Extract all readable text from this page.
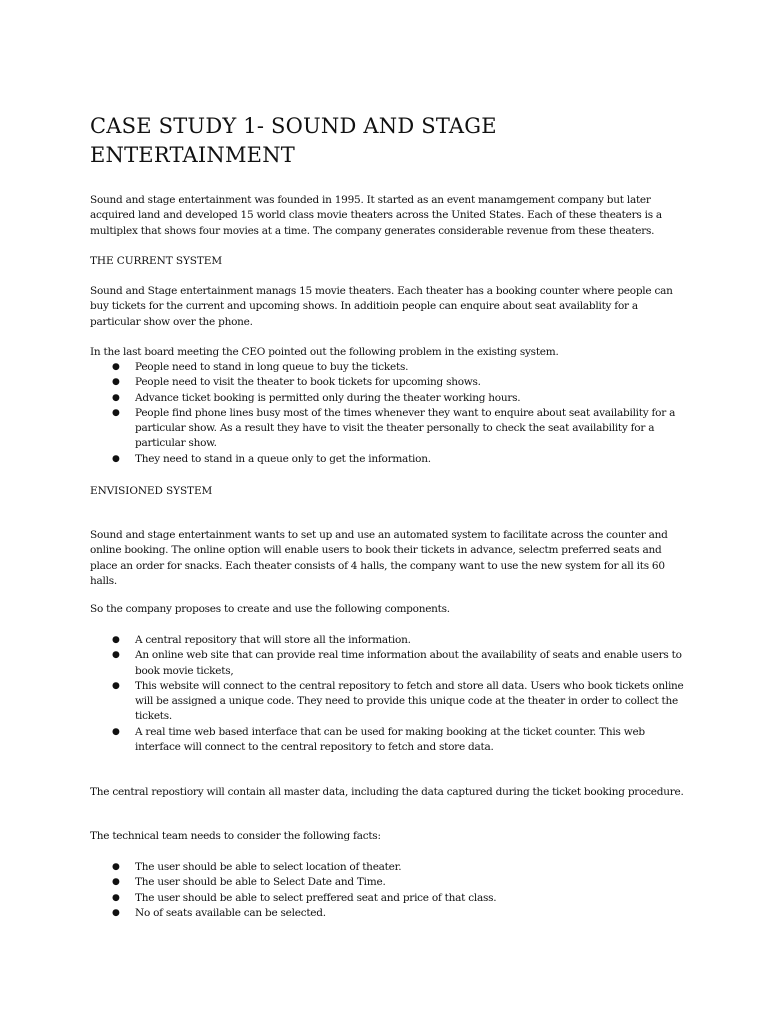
CASE STUDY 1- SOUND AND STAGE ENTERTAINMENT

Sound and stage entertainment was founded in 1995. It started as an event manamgement company but later acquired land and developed 15 world class movie theaters across the United States. Each of these theaters is a multiplex that shows four movies at a time. The company generates considerable revenue from these theaters.

THE CURRENT SYSTEM

Sound and Stage entertainment manags 15 movie theaters. Each theater has a booking counter where people can buy tickets for the current and upcoming shows. In additioin people can enquire about seat availablity for a particular show over the phone.

In the last board meeting the CEO pointed out the following problem in the existing system.

● People need to stand in long queue to buy the tickets.
● People need to visit the theater to book tickets for upcoming shows.
● Advance ticket booking is permitted only during the theater working hours.
● People find phone lines busy most of the times whenever they want to enquire about seat availability for a particular show. As a result they have to visit the theater personally to check the seat availability for a particular show.
● They need to stand in a queue only to get the information.

ENVISIONED SYSTEM

Sound and stage entertainment wants to set up and use an automated system to facilitate across the counter and online booking. The online option will enable users to book their tickets in advance, selectm preferred seats and place an order for snacks. Each theater consists of 4 halls, the company want to use the new system for all its 60 halls.

So the company proposes to create and use the following components.

● A central repository that will store all the information.
● An online web site that can provide real time information about the availability of seats and enable users to book movie tickets,
● This website will connect to the central repository to fetch and store all data. Users who book tickets online will be assigned a unique code. They need to provide this unique code at the theater in order to collect the tickets.
● A real time web based interface that can be used for making booking at the ticket counter. This web interface will connect to the central repository to fetch and store data.

The central repostiory will contain all master data, including the data captured during the ticket booking procedure.

The technical team needs to consider the following facts:

● The user should be able to select location of theater.
● The user should be able to Select Date and Time.
● The user should be able to select preffered seat and price of that class.
● No of seats available can be selected.
